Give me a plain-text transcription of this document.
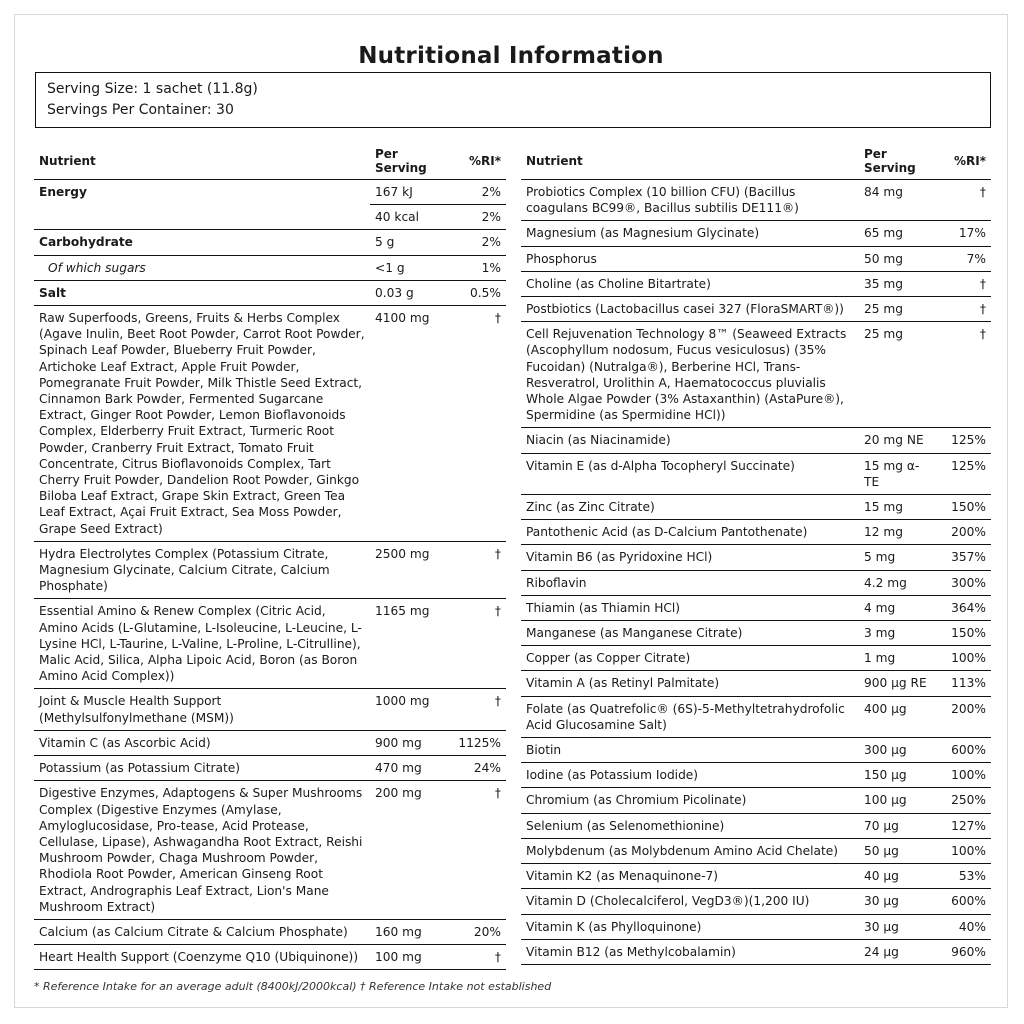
Nutritional Information
Serving Size: 1 sachet (11.8g)
Servings Per Container: 30
Nutrient	Per Serving	%RI*
Energy	167 kJ	2%
	40 kcal	2%
Carbohydrate	5 g	2%
Of which sugars	<1 g	1%
Salt	0.03 g	0.5%
Raw Superfoods, Greens, Fruits & Herbs Complex (Agave Inulin, Beet Root Powder, Carrot Root Powder, Spinach Leaf Powder, Blueberry Fruit Powder, Artichoke Leaf Extract, Apple Fruit Powder, Pomegranate Fruit Powder, Milk Thistle Seed Extract, Cinnamon Bark Powder, Fermented Sugarcane Extract, Ginger Root Powder, Lemon Bioflavonoids Complex, Elderberry Fruit Extract, Turmeric Root Powder, Cranberry Fruit Extract, Tomato Fruit Concentrate, Citrus Bioflavonoids Complex, Tart Cherry Fruit Powder, Dandelion Root Powder, Ginkgo Biloba Leaf Extract, Grape Skin Extract, Green Tea Leaf Extract, Açai Fruit Extract, Sea Moss Powder, Grape Seed Extract)	4100 mg	†
Hydra Electrolytes Complex (Potassium Citrate, Magnesium Glycinate, Calcium Citrate, Calcium Phosphate)	2500 mg	†
Essential Amino & Renew Complex (Citric Acid, Amino Acids (L-Glutamine, L-Isoleucine, L-Leucine, L-Lysine HCl, L-Taurine, L-Valine, L-Proline, L-Citrulline), Malic Acid, Silica, Alpha Lipoic Acid, Boron (as Boron Amino Acid Complex))	1165 mg	†
Joint & Muscle Health Support (Methylsulfonylmethane (MSM))	1000 mg	†
Vitamin C (as Ascorbic Acid)	900 mg	1125%
Potassium (as Potassium Citrate)	470 mg	24%
Digestive Enzymes, Adaptogens & Super Mushrooms Complex (Digestive Enzymes (Amylase, Amyloglucosidase, Pro-tease, Acid Protease, Cellulase, Lipase), Ashwagandha Root Extract, Reishi Mushroom Powder, Chaga Mushroom Powder, Rhodiola Root Powder, American Ginseng Root Extract, Andrographis Leaf Extract, Lion's Mane Mushroom Extract)	200 mg	†
Calcium (as Calcium Citrate & Calcium Phosphate)	160 mg	20%
Heart Health Support (Coenzyme Q10 (Ubiquinone))	100 mg	†
Nutrient	Per Serving	%RI*
Probiotics Complex (10 billion CFU) (Bacillus coagulans BC99®, Bacillus subtilis DE111®)	84 mg	†
Magnesium (as Magnesium Glycinate)	65 mg	17%
Phosphorus	50 mg	7%
Choline (as Choline Bitartrate)	35 mg	†
Postbiotics (Lactobacillus casei 327 (FloraSMART®))	25 mg	†
Cell Rejuvenation Technology 8™ (Seaweed Extracts (Ascophyllum nodosum, Fucus vesiculosus) (35% Fucoidan) (Nutralga®), Berberine HCl, Trans-Resveratrol, Urolithin A, Haematococcus pluvialis Whole Algae Powder (3% Astaxanthin) (AstaPure®), Spermidine (as Spermidine HCl))	25 mg	†
Niacin (as Niacinamide)	20 mg NE	125%
Vitamin E (as d-Alpha Tocopheryl Succinate)	15 mg α-TE	125%
Zinc (as Zinc Citrate)	15 mg	150%
Pantothenic Acid (as D-Calcium Pantothenate)	12 mg	200%
Vitamin B6 (as Pyridoxine HCl)	5 mg	357%
Riboflavin	4.2 mg	300%
Thiamin (as Thiamin HCl)	4 mg	364%
Manganese (as Manganese Citrate)	3 mg	150%
Copper (as Copper Citrate)	1 mg	100%
Vitamin A (as Retinyl Palmitate)	900 µg RE	113%
Folate (as Quatrefolic® (6S)-5-Methyltetrahydrofolic Acid Glucosamine Salt)	400 µg	200%
Biotin	300 µg	600%
Iodine (as Potassium Iodide)	150 µg	100%
Chromium (as Chromium Picolinate)	100 µg	250%
Selenium (as Selenomethionine)	70 µg	127%
Molybdenum (as Molybdenum Amino Acid Chelate)	50 µg	100%
Vitamin K2 (as Menaquinone-7)	40 µg	53%
Vitamin D (Cholecalciferol, VegD3®)(1,200 IU)	30 µg	600%
Vitamin K (as Phylloquinone)	30 µg	40%
Vitamin B12 (as Methylcobalamin)	24 µg	960%
* Reference Intake for an average adult (8400kJ/2000kcal) † Reference Intake not established
